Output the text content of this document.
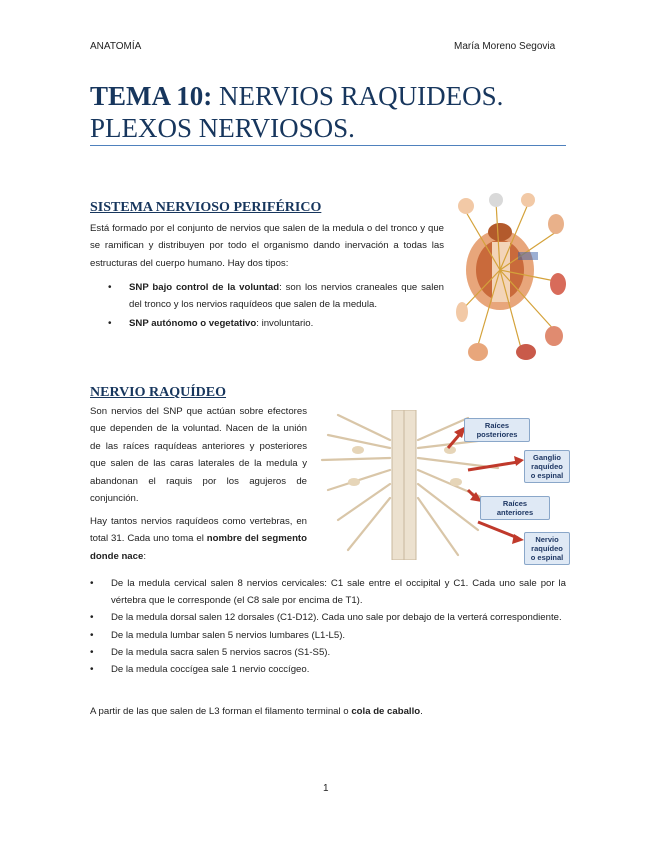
ANATOMÍA	María Moreno Segovia
TEMA 10: NERVIOS RAQUIDEOS.
PLEXOS NERVIOSOS.
SISTEMA NERVIOSO PERIFÉRICO

Está formado por el conjunto de nervios que salen de la medula o del tronco y que se ramifican y distribuyen por todo el organismo dando inervación a todas las estructuras del cuerpo humano. Hay dos tipos:

• SNP bajo control de la voluntad: son los nervios craneales que salen del tronco y los nervios raquídeos que salen de la medula.
• SNP autónomo o vegetativo: involuntario.
NERVIO RAQUÍDEO

Son nervios del SNP que actúan sobre efectores que dependen de la voluntad. Nacen de la unión de las raíces raquídeas anteriores y posteriores que salen de las caras laterales de la medula y abandonan el raquis por los agujeros de conjunción.

Hay tantos nervios raquídeos como vertebras, en total 31. Cada uno toma el nombre del segmento donde nace:

Raíces posteriores
Ganglio raquídeo o espinal
Raíces anteriores
Nervio raquídeo o espinal
• De la medula cervical salen 8 nervios cervicales: C1 sale entre el occipital y C1. Cada uno sale por la vértebra que le corresponde (el C8 sale por encima de T1).
• De la medula dorsal salen 12 dorsales (C1-D12). Cada uno sale por debajo de la verterá correspondiente.
• De la medula lumbar salen 5 nervios lumbares (L1-L5).
• De la medula sacra salen 5 nervios sacros (S1-S5).
• De la medula coccígea sale 1 nervio coccígeo.

A partir de las que salen de L3 forman el filamento terminal o cola de caballo.

1
